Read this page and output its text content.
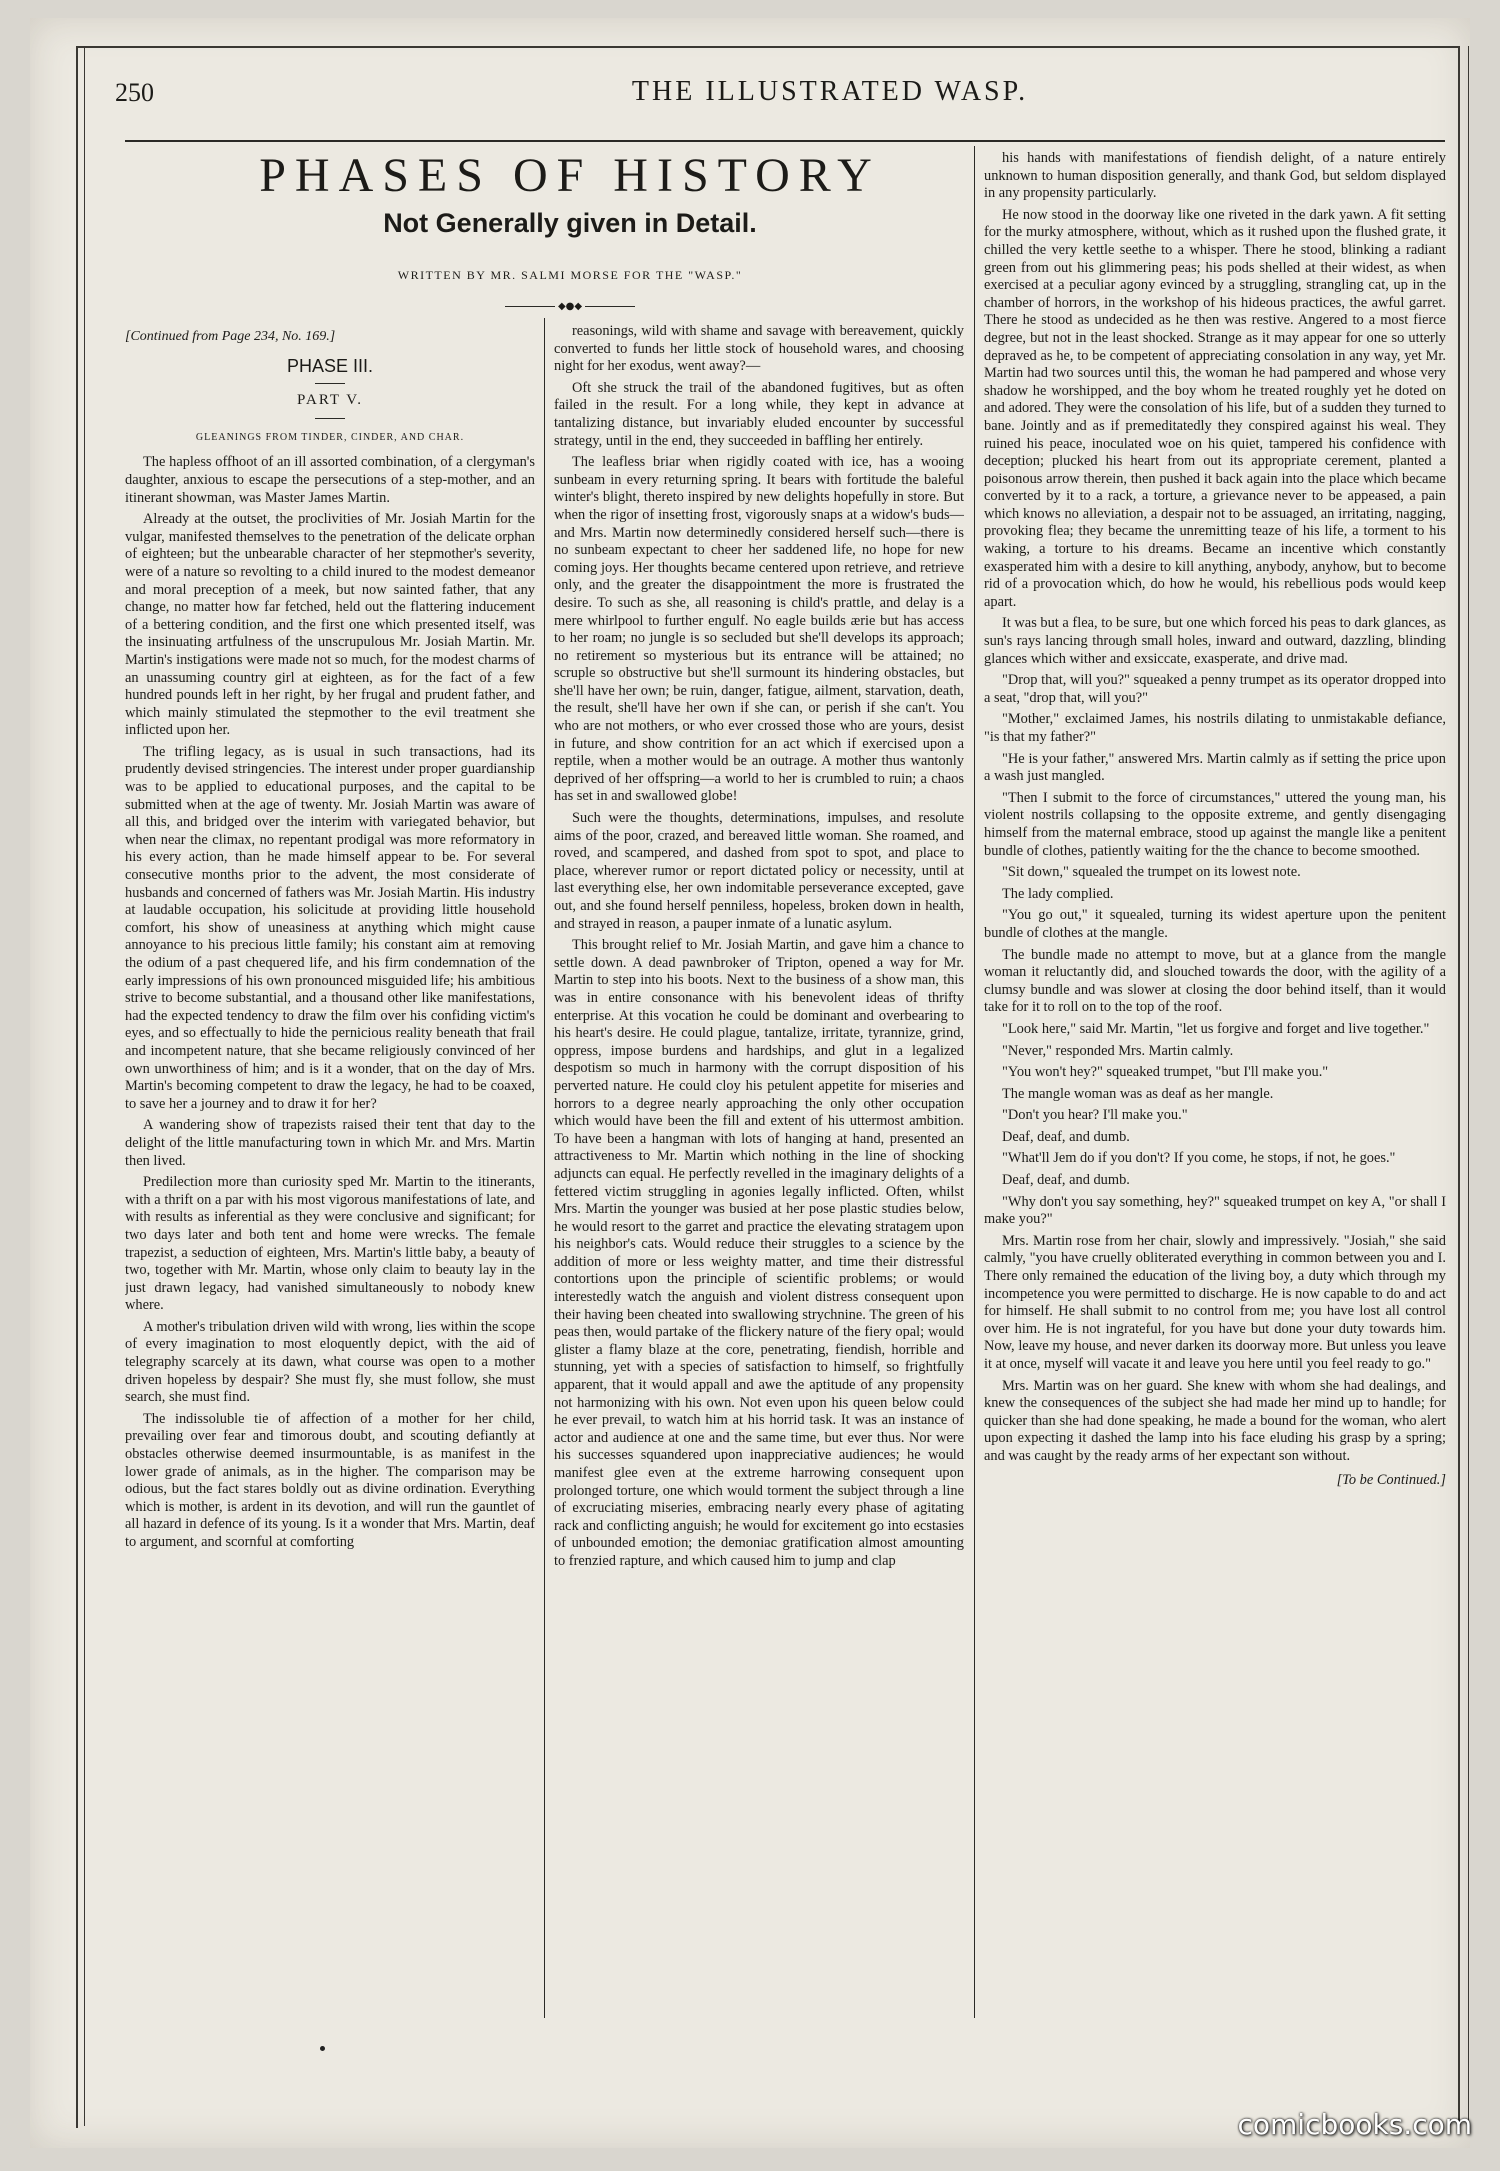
250	THE ILLUSTRATED WASP.
PHASES OF HISTORY
Not Generally given in Detail.
WRITTEN BY MR. SALMI MORSE FOR THE "WASP."
◆●◆

[Continued from Page 234, No. 169.]

PHASE III.
PART V.
GLEANINGS FROM TINDER, CINDER, AND CHAR.

The hapless offhoot of an ill assorted combination, of a clergyman's daughter, anxious to escape the persecutions of a step-mother, and an itinerant showman, was Master James Martin.

Already at the outset, the proclivities of Mr. Josiah Martin for the vulgar, manifested themselves to the penetration of the delicate orphan of eighteen; but the unbearable character of her stepmother's severity, were of a nature so revolting to a child inured to the modest demeanor and moral preception of a meek, but now sainted father, that any change, no matter how far fetched, held out the flattering inducement of a bettering condition, and the first one which presented itself, was the insinuating artfulness of the unscrupulous Mr. Josiah Martin. Mr. Martin's instigations were made not so much, for the modest charms of an unassuming country girl at eighteen, as for the fact of a few hundred pounds left in her right, by her frugal and prudent father, and which mainly stimulated the stepmother to the evil treatment she inflicted upon her.

The trifling legacy, as is usual in such transactions, had its prudently devised stringencies. The interest under proper guardianship was to be applied to educational purposes, and the capital to be submitted when at the age of twenty. Mr. Josiah Martin was aware of all this, and bridged over the interim with variegated behavior, but when near the climax, no repentant prodigal was more reformatory in his every action, than he made himself appear to be. For several consecutive months prior to the advent, the most considerate of husbands and concerned of fathers was Mr. Josiah Martin. His industry at laudable occupation, his solicitude at providing little household comfort, his show of uneasiness at anything which might cause annoyance to his precious little family; his constant aim at removing the odium of a past chequered life, and his firm condemnation of the early impressions of his own pronounced misguided life; his ambitious strive to become substantial, and a thousand other like manifestations, had the expected tendency to draw the film over his confiding victim's eyes, and so effectually to hide the pernicious reality beneath that frail and incompetent nature, that she became religiously convinced of her own unworthiness of him; and is it a wonder, that on the day of Mrs. Martin's becoming competent to draw the legacy, he had to be coaxed, to save her a journey and to draw it for her?

A wandering show of trapezists raised their tent that day to the delight of the little manufacturing town in which Mr. and Mrs. Martin then lived.

Predilection more than curiosity sped Mr. Martin to the itinerants, with a thrift on a par with his most vigorous manifestations of late, and with results as inferential as they were conclusive and significant; for two days later and both tent and home were wrecks. The female trapezist, a seduction of eighteen, Mrs. Martin's little baby, a beauty of two, together with Mr. Martin, whose only claim to beauty lay in the just drawn legacy, had vanished simultaneously to nobody knew where.

A mother's tribulation driven wild with wrong, lies within the scope of every imagination to most eloquently depict, with the aid of telegraphy scarcely at its dawn, what course was open to a mother driven hopeless by despair? She must fly, she must follow, she must search, she must find.

The indissoluble tie of affection of a mother for her child, prevailing over fear and timorous doubt, and scouting defiantly at obstacles otherwise deemed insurmountable, is as manifest in the lower grade of animals, as in the higher. The comparison may be odious, but the fact stares boldly out as divine ordination. Everything which is mother, is ardent in its devotion, and will run the gauntlet of all hazard in defence of its young. Is it a wonder that Mrs. Martin, deaf to argument, and scornful at comforting

reasonings, wild with shame and savage with bereavement, quickly converted to funds her little stock of household wares, and choosing night for her exodus, went away?—

Oft she struck the trail of the abandoned fugitives, but as often failed in the result. For a long while, they kept in advance at tantalizing distance, but invariably eluded encounter by successful strategy, until in the end, they succeeded in baffling her entirely.

The leafless briar when rigidly coated with ice, has a wooing sunbeam in every returning spring. It bears with fortitude the baleful winter's blight, thereto inspired by new delights hopefully in store. But when the rigor of insetting frost, vigorously snaps at a widow's buds—and Mrs. Martin now determinedly considered herself such—there is no sunbeam expectant to cheer her saddened life, no hope for new coming joys. Her thoughts became centered upon retrieve, and retrieve only, and the greater the disappointment the more is frustrated the desire. To such as she, all reasoning is child's prattle, and delay is a mere whirlpool to further engulf. No eagle builds ærie but has access to her roam; no jungle is so secluded but she'll develops its approach; no retirement so mysterious but its entrance will be attained; no scruple so obstructive but she'll surmount its hindering obstacles, but she'll have her own; be ruin, danger, fatigue, ailment, starvation, death, the result, she'll have her own if she can, or perish if she can't. You who are not mothers, or who ever crossed those who are yours, desist in future, and show contrition for an act which if exercised upon a reptile, when a mother would be an outrage. A mother thus wantonly deprived of her offspring—a world to her is crumbled to ruin; a chaos has set in and swallowed globe!

Such were the thoughts, determinations, impulses, and resolute aims of the poor, crazed, and bereaved little woman. She roamed, and roved, and scampered, and dashed from spot to spot, and place to place, wherever rumor or report dictated policy or necessity, until at last everything else, her own indomitable perseverance excepted, gave out, and she found herself penniless, hopeless, broken down in health, and strayed in reason, a pauper inmate of a lunatic asylum.

This brought relief to Mr. Josiah Martin, and gave him a chance to settle down. A dead pawnbroker of Tripton, opened a way for Mr. Martin to step into his boots. Next to the business of a show man, this was in entire consonance with his benevolent ideas of thrifty enterprise. At this vocation he could be dominant and overbearing to his heart's desire. He could plague, tantalize, irritate, tyrannize, grind, oppress, impose burdens and hardships, and glut in a legalized despotism so much in harmony with the corrupt disposition of his perverted nature. He could cloy his petulent appetite for miseries and horrors to a degree nearly approaching the only other occupation which would have been the fill and extent of his uttermost ambition. To have been a hangman with lots of hanging at hand, presented an attractiveness to Mr. Martin which nothing in the line of shocking adjuncts can equal. He perfectly revelled in the imaginary delights of a fettered victim struggling in agonies legally inflicted. Often, whilst Mrs. Martin the younger was busied at her pose plastic studies below, he would resort to the garret and practice the elevating stratagem upon his neighbor's cats. Would reduce their struggles to a science by the addition of more or less weighty matter, and time their distressful contortions upon the principle of scientific problems; or would interestedly watch the anguish and violent distress consequent upon their having been cheated into swallowing strychnine. The green of his peas then, would partake of the flickery nature of the fiery opal; would glister a flamy blaze at the core, penetrating, fiendish, horrible and stunning, yet with a species of satisfaction to himself, so frightfully apparent, that it would appall and awe the aptitude of any propensity not harmonizing with his own. Not even upon his queen below could he ever prevail, to watch him at his horrid task. It was an instance of actor and audience at one and the same time, but ever thus. Nor were his successes squandered upon inappreciative audiences; he would manifest glee even at the extreme harrowing consequent upon prolonged torture, one which would torment the subject through a line of excruciating miseries, embracing nearly every phase of agitating rack and conflicting anguish; he would for excitement go into ecstasies of unbounded emotion; the demoniac gratification almost amounting to frenzied rapture, and which caused him to jump and clap

his hands with manifestations of fiendish delight, of a nature entirely unknown to human disposition generally, and thank God, but seldom displayed in any propensity particularly.

He now stood in the doorway like one riveted in the dark yawn. A fit setting for the murky atmosphere, without, which as it rushed upon the flushed grate, it chilled the very kettle seethe to a whisper. There he stood, blinking a radiant green from out his glimmering peas; his pods shelled at their widest, as when exercised at a peculiar agony evinced by a struggling, strangling cat, up in the chamber of horrors, in the workshop of his hideous practices, the awful garret. There he stood as undecided as he then was restive. Angered to a most fierce degree, but not in the least shocked. Strange as it may appear for one so utterly depraved as he, to be competent of appreciating consolation in any way, yet Mr. Martin had two sources until this, the woman he had pampered and whose very shadow he worshipped, and the boy whom he treated roughly yet he doted on and adored. They were the consolation of his life, but of a sudden they turned to bane. Jointly and as if premeditatedly they conspired against his weal. They ruined his peace, inoculated woe on his quiet, tampered his confidence with deception; plucked his heart from out its appropriate cerement, planted a poisonous arrow therein, then pushed it back again into the place which became converted by it to a rack, a torture, a grievance never to be appeased, a pain which knows no alleviation, a despair not to be assuaged, an irritating, nagging, provoking flea; they became the unremitting teaze of his life, a torment to his waking, a torture to his dreams. Became an incentive which constantly exasperated him with a desire to kill anything, anybody, anyhow, but to become rid of a provocation which, do how he would, his rebellious pods would keep apart.

It was but a flea, to be sure, but one which forced his peas to dark glances, as sun's rays lancing through small holes, inward and outward, dazzling, blinding glances which wither and exsiccate, exasperate, and drive mad.

"Drop that, will you?" squeaked a penny trumpet as its operator dropped into a seat, "drop that, will you?"

"Mother," exclaimed James, his nostrils dilating to unmistakable defiance, "is that my father?"

"He is your father," answered Mrs. Martin calmly as if setting the price upon a wash just mangled.

"Then I submit to the force of circumstances," uttered the young man, his violent nostrils collapsing to the opposite extreme, and gently disengaging himself from the maternal embrace, stood up against the mangle like a penitent bundle of clothes, patiently waiting for the the chance to become smoothed.

"Sit down," squealed the trumpet on its lowest note.

The lady complied.

"You go out," it squealed, turning its widest aperture upon the penitent bundle of clothes at the mangle.

The bundle made no attempt to move, but at a glance from the mangle woman it reluctantly did, and slouched towards the door, with the agility of a clumsy bundle and was slower at closing the door behind itself, than it would take for it to roll on to the top of the roof.

"Look here," said Mr. Martin, "let us forgive and forget and live together."

"Never," responded Mrs. Martin calmly.

"You won't hey?" squeaked trumpet, "but I'll make you."

The mangle woman was as deaf as her mangle.

"Don't you hear? I'll make you."

Deaf, deaf, and dumb.

"What'll Jem do if you don't? If you come, he stops, if not, he goes."

Deaf, deaf, and dumb.

"Why don't you say something, hey?" squeaked trumpet on key A, "or shall I make you?"

Mrs. Martin rose from her chair, slowly and impressively. "Josiah," she said calmly, "you have cruelly obliterated everything in common between you and I. There only remained the education of the living boy, a duty which through my incompetence you were permitted to discharge. He is now capable to do and act for himself. He shall submit to no control from me; you have lost all control over him. He is not ingrateful, for you have but done your duty towards him. Now, leave my house, and never darken its doorway more. But unless you leave it at once, myself will vacate it and leave you here until you feel ready to go."

Mrs. Martin was on her guard. She knew with whom she had dealings, and knew the consequences of the subject she had made her mind up to handle; for quicker than she had done speaking, he made a bound for the woman, who alert upon expecting it dashed the lamp into his face eluding his grasp by a spring; and was caught by the ready arms of her expectant son without.

[To be Continued.]
comicbooks.com
